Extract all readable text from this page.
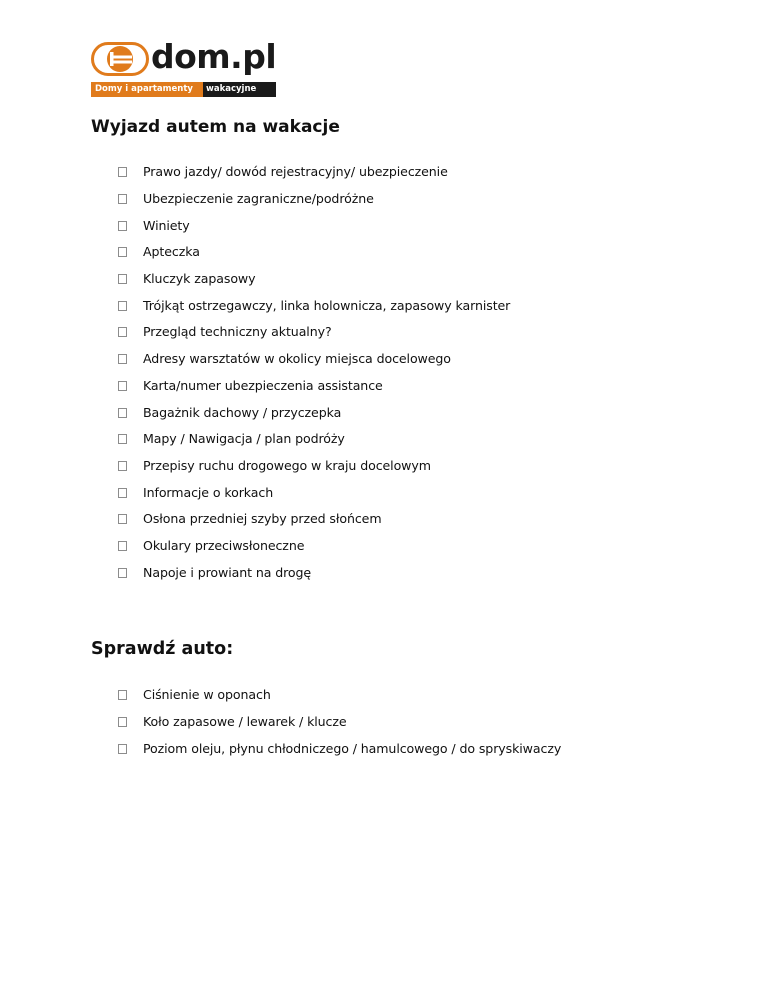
dom.pl
Domy i apartamenty	wakacyjne
Wyjazd autem na wakacje
Prawo jazdy/ dowód rejestracyjny/ ubezpieczenie
Ubezpieczenie zagraniczne/podróżne
Winiety
Apteczka
Kluczyk zapasowy
Trójkąt ostrzegawczy, linka holownicza, zapasowy karnister
Przegląd techniczny aktualny?
Adresy warsztatów w okolicy miejsca docelowego
Karta/numer ubezpieczenia assistance
Bagażnik dachowy / przyczepka
Mapy / Nawigacja / plan podróży
Przepisy ruchu drogowego w kraju docelowym
Informacje o korkach
Osłona przedniej szyby przed słońcem
Okulary przeciwsłoneczne
Napoje i prowiant na drogę
Sprawdź auto:
Ciśnienie w oponach
Koło zapasowe / lewarek / klucze
Poziom oleju, płynu chłodniczego / hamulcowego / do spryskiwaczy
